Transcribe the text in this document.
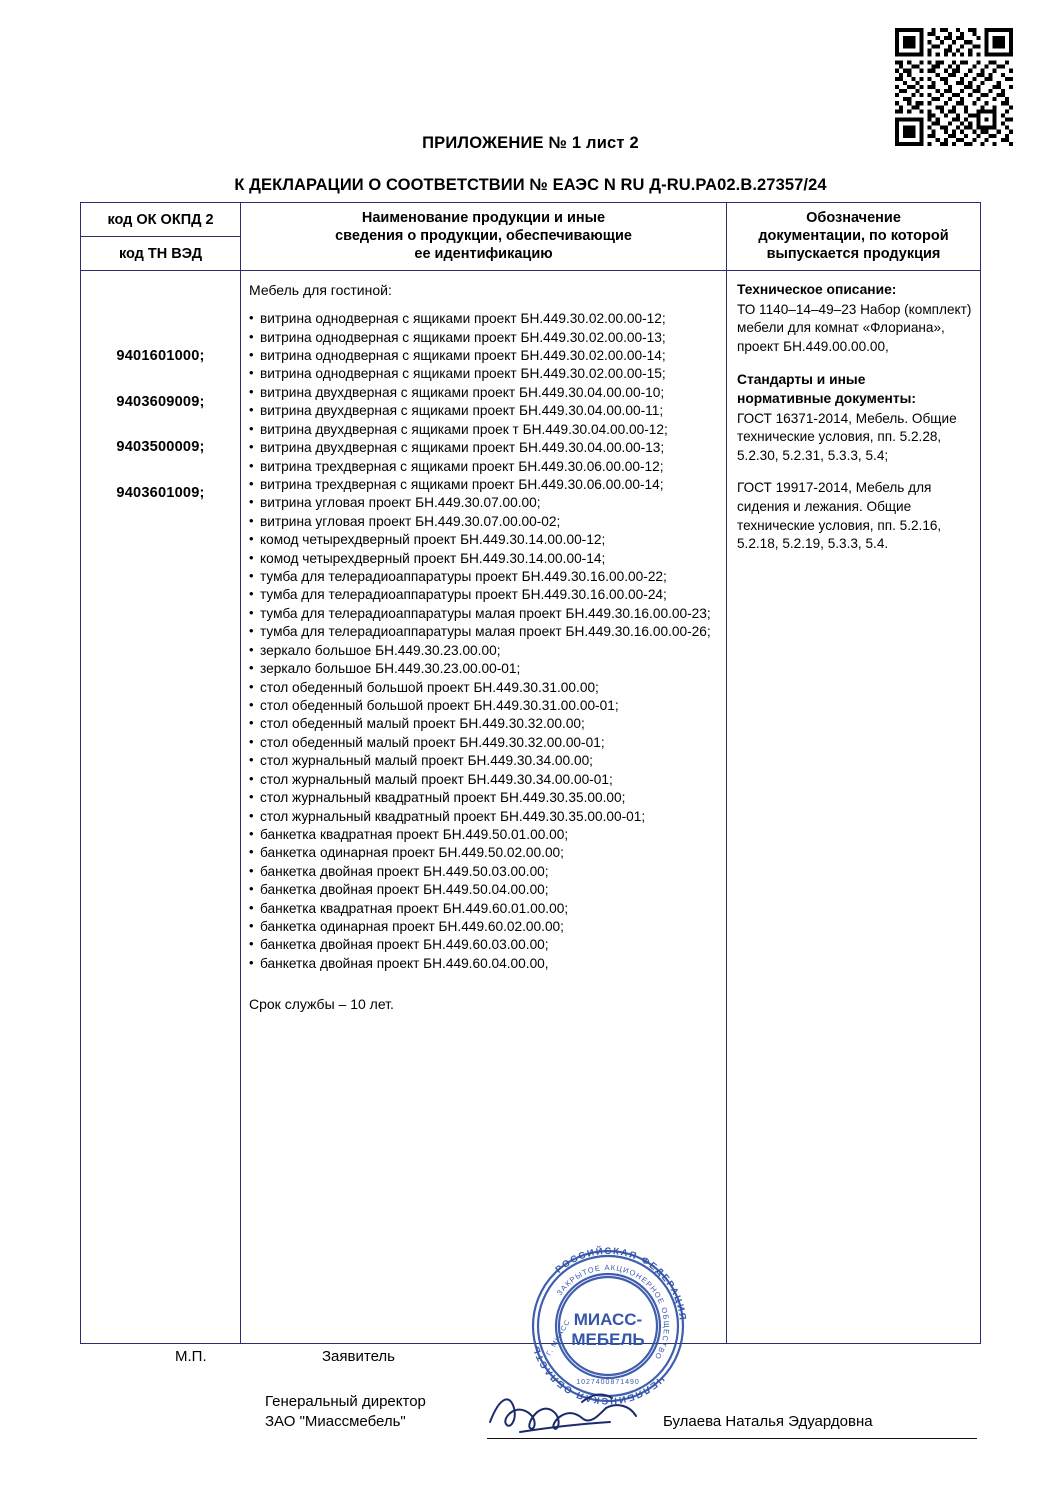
ПРИЛОЖЕНИЕ № 1 лист 2
К ДЕКЛАРАЦИИ О СООТВЕТСТВИИ № ЕАЭС N RU Д-RU.РА02.В.27357/24
код ОК ОКПД 2
код ТН ВЭД
Наименование продукции и иные
сведения о продукции, обеспечивающие
ее идентификацию
Обозначение
документации, по которой
выпускается продукция
9401601000;
9403609009;
9403500009;
9403601009;
Мебель для гостиной:
• витрина однодверная с ящиками проект БН.449.30.02.00.00-12;
• витрина однодверная с ящиками проект БН.449.30.02.00.00-13;
• витрина однодверная с ящиками проект БН.449.30.02.00.00-14;
• витрина однодверная с ящиками проект БН.449.30.02.00.00-15;
• витрина двухдверная с ящиками проект БН.449.30.04.00.00-10;
• витрина двухдверная с ящиками проект БН.449.30.04.00.00-11;
• витрина двухдверная с ящиками проек т БН.449.30.04.00.00-12;
• витрина двухдверная с ящиками проект БН.449.30.04.00.00-13;
• витрина трехдверная с ящиками проект БН.449.30.06.00.00-12;
• витрина трехдверная с ящиками проект БН.449.30.06.00.00-14;
• витрина угловая проект БН.449.30.07.00.00;
• витрина угловая проект БН.449.30.07.00.00-02;
• комод четырехдверный проект БН.449.30.14.00.00-12;
• комод четырехдверный проект БН.449.30.14.00.00-14;
• тумба для телерадиоаппаратуры проект БН.449.30.16.00.00-22;
• тумба для телерадиоаппаратуры проект БН.449.30.16.00.00-24;
• тумба для телерадиоаппаратуры малая проект БН.449.30.16.00.00-23;
• тумба для телерадиоаппаратуры малая проект БН.449.30.16.00.00-26;
• зеркало большое БН.449.30.23.00.00;
• зеркало большое БН.449.30.23.00.00-01;
• стол обеденный большой проект БН.449.30.31.00.00;
• стол обеденный большой проект БН.449.30.31.00.00-01;
• стол обеденный малый проект БН.449.30.32.00.00;
• стол обеденный малый проект БН.449.30.32.00.00-01;
• стол журнальный малый проект БН.449.30.34.00.00;
• стол журнальный малый проект БН.449.30.34.00.00-01;
• стол журнальный квадратный проект БН.449.30.35.00.00;
• стол журнальный квадратный проект БН.449.30.35.00.00-01;
• банкетка квадратная проект БН.449.50.01.00.00;
• банкетка одинарная проект БН.449.50.02.00.00;
• банкетка двойная проект БН.449.50.03.00.00;
• банкетка двойная проект БН.449.50.04.00.00;
• банкетка квадратная проект БН.449.60.01.00.00;
• банкетка одинарная проект БН.449.60.02.00.00;
• банкетка двойная проект БН.449.60.03.00.00;
• банкетка двойная проект БН.449.60.04.00.00,
Срок службы – 10 лет.
Техническое описание:
ТО 1140–14–49–23 Набор (комплект) мебели для комнат «Флориана», проект БН.449.00.00.00,
Стандарты и иные
нормативные документы:
ГОСТ 16371-2014, Мебель. Общие технические условия, пп. 5.2.28, 5.2.30, 5.2.31, 5.3.3, 5.4;
ГОСТ 19917-2014, Мебель для сидения и лежания. Общие технические условия, пп. 5.2.16, 5.2.18, 5.2.19, 5.3.3, 5.4.
РОССИЙСКАЯ ФЕДЕРАЦИЯ
ЧЕЛЯБИНСКАЯ ОБЛАСТЬ
ЗАКРЫТОЕ АКЦИОНЕРНОЕ ОБЩЕСТВО
1027400871490
Г. МИАСС МИАСС-
МЕБЕЛЬ
М.П.	Заявитель
Генеральный директор
ЗАО "Миассмебель"	Булаева Наталья Эдуардовна
